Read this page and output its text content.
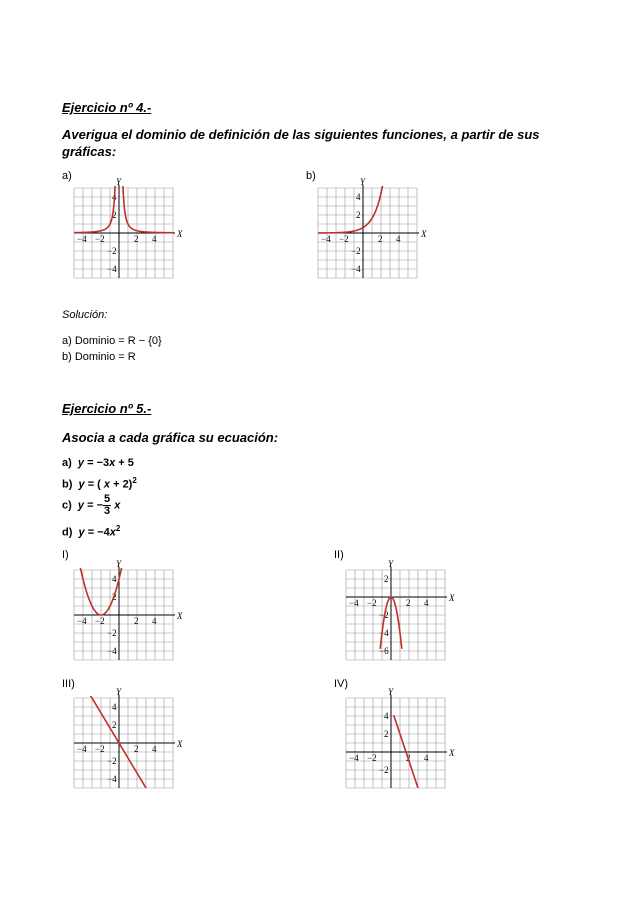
Ejercicio nº 4.-
Averigua el dominio de definición de las siguientes funciones, a partir de sus gráficas:
a)	b)
X
Y
−4 −2	2 4
4
2
−2
−4
X
Y
−4 −2	2 4
4
2
−2
−4
Solución:
a) Dominio = R − {0}
b) Dominio = R
Ejercicio nº 5.-
Asocia a cada gráfica su ecuación:
a) y = −3x + 5
b) y = ( x + 2)$^2$
c) y = − $\frac{5}{3}$ x
d) $y = -4x^2$
I)	II)
X
Y
−4 −2	2 4
4
2
−2
−4
X
Y
−4 −2	2 4
2
−2
−4
−6
III)	IV)
X
Y
−4 −2	2 4
4
2
−2
−4
X
Y
−4 −2	2 4
4
2
−2
